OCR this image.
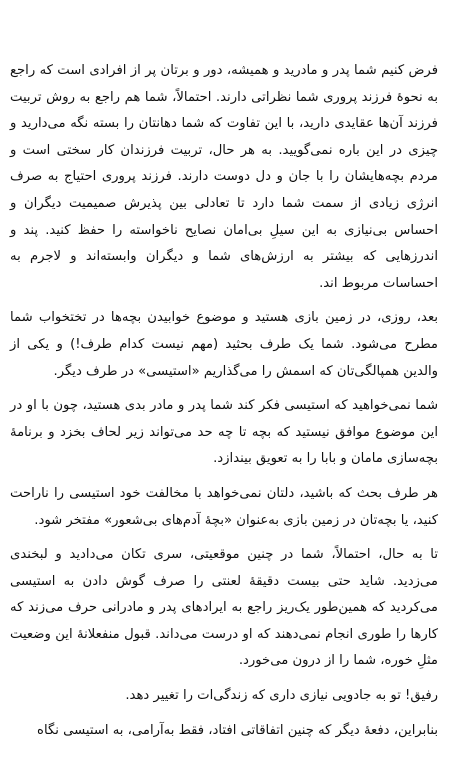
فرض کنیم شما پدر و مادرید و همیشه، دور و برتان پر از افرادی است که راجع به نحوهٔ فرزند پروری شما نظراتی دارند. احتمالاً، شما هم راجع به روش تربیت فرزند آن‌ها عقایدی دارید، با این تفاوت که شما دهانتان را بسته نگه می‌دارید و چیزی در این باره نمی‌گویید. به هر حال، تربیت فرزندان کار سختی است و مردم بچه‌هایشان را با جان و دل دوست دارند. فرزند پروری احتیاج به صرف انرژی زیادی از سمت شما دارد تا تعادلی بین پذیرش صمیمیت دیگران و احساس بی‌نیازی به این سیلِ بی‌امان نصایح ناخواسته را حفظ کنید. پند و اندرزهایی که بیشتر به ارزش‌های شما و دیگران وابسته‌اند و لاجرم به احساسات مربوط اند.

بعد، روزی، در زمین بازی هستید و موضوع خوابیدن بچه‌ها در تختخواب شما مطرح می‌شود. شما یک طرف بحثید (مهم نیست کدام طرف!) و یکی از والدین همپالگی‌تان که اسمش را می‌گذاریم «استیسی» در طرف دیگر.

شما نمی‌خواهید که استیسی فکر کند شما پدر و مادر بدی هستید، چون با او در این موضوع موافق نیستید که بچه تا چه حد می‌تواند زیر لحاف بخزد و برنامهٔ بچه‌سازی مامان و بابا را به تعویق بیندازد.

هر طرف بحث که باشید، دلتان نمی‌خواهد با مخالفت خود استیسی را ناراحت کنید، یا بچه‌تان در زمین بازی به‌عنوان «بچهٔ آدم‌های بی‌شعور» مفتخر شود.

تا به حال، احتمالاً، شما در چنین موقعیتی، سری تکان می‌دادید و لبخندی می‌زدید. شاید حتی بیست دقیقهٔ لعنتی را صرف گوش دادن به استیسی می‌کردید که همین‌طور یک‌ریز راجع به ایرادهای پدر و مادرانی حرف می‌زند که کارها را طوری انجام نمی‌دهند که او درست می‌داند. قبول منفعلانهٔ این وضعیت مثلِ خوره، شما را از درون می‌خورد.

رفیق! تو به جادویی نیازی داری که زندگی‌ات را تغییر دهد.

بنابراین، دفعهٔ دیگر که چنین اتفاقاتی افتاد، فقط به‌آرامی، به استیسی نگاه
